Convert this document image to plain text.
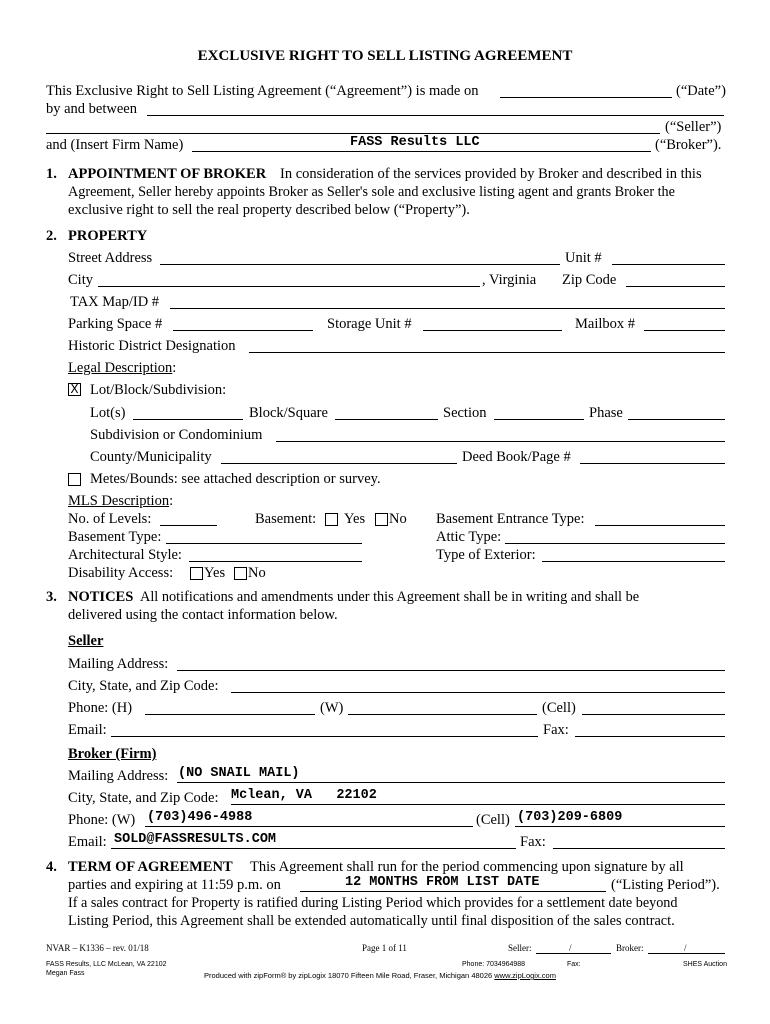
EXCLUSIVE RIGHT TO SELL LISTING AGREEMENT
This Exclusive Right to Sell Listing Agreement (“Agreement”) is made on	(“Date”)
by and between
(“Seller”)
and (Insert Firm Name)	FASS Results LLC	(“Broker”).
1. APPOINTMENT OF BROKER In consideration of the services provided by Broker and described in this
Agreement, Seller hereby appoints Broker as Seller's sole and exclusive listing agent and grants Broker the
exclusive right to sell the real property described below (“Property”).
2. PROPERTY
Street Address	Unit #
City	, Virginia Zip Code
TAX Map/ID #
Parking Space #	Storage Unit #	Mailbox #
Historic District Designation
Legal Description:
X Lot/Block/Subdivision:
Lot(s)	Block/Square	Section	Phase
Subdivision or Condominium
County/Municipality	Deed Book/Page #
Metes/Bounds: see attached description or survey.
MLS Description:
No. of Levels:	Basement: Yes No Basement Entrance Type:
Basement Type:	Attic Type:
Architectural Style:	Type of Exterior:
Disability Access: Yes No
3. NOTICES All notifications and amendments under this Agreement shall be in writing and shall be
delivered using the contact information below.
Seller
Mailing Address:
City, State, and Zip Code:
Phone: (H)	(W)	(Cell)
Email:	Fax:
Broker (Firm)
Mailing Address: (NO SNAIL MAIL)
City, State, and Zip Code: Mclean, VA   22102
Phone: (W) (703)496-4988	(Cell) (703)209-6809
Email: SOLD@FASSRESULTS.COM	Fax:
4. TERM OF AGREEMENT This Agreement shall run for the period commencing upon signature by all
parties and expiring at 11:59 p.m. on	12 MONTHS FROM LIST DATE	(“Listing Period”).
If a sales contract for Property is ratified during Listing Period which provides for a settlement date beyond
Listing Period, this Agreement shall be extended automatically until final disposition of the sales contract.
NVAR – K1336 – rev. 01/18	Page 1 of 11	Seller:	/	Broker:	/
FASS Results, LLC McLean, VA 22102
Megan Fass
Phone: 7034964988	Fax:	SHES Auction
Produced with zipForm® by zipLogix 18070 Fifteen Mile Road, Fraser, Michigan 48026 www.zipLogix.com
